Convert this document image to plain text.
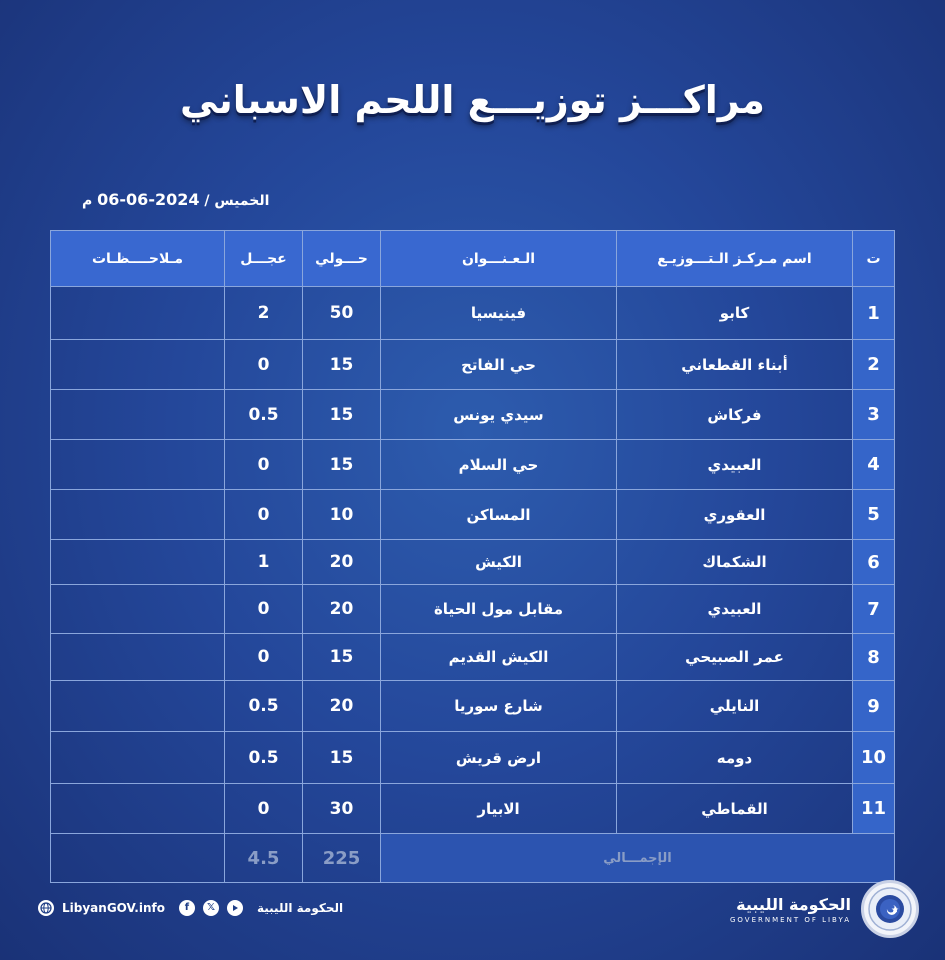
مراكـــز توزيـــع اللحم الاسباني
الخميس / 2024-06-06 م
ت	اسم مـركـز الـتـــوزيـع	الـعـنـــوان	حـــولي	عجـــل	مـلاحــــظـات
1	كابو	فينيسيا	50	2	
2	أبناء القطعاني	حي الفاتح	15	0	
3	فركاش	سيدي يونس	15	0.5	
4	العبيدي	حي السلام	15	0	
5	العقوري	المساكن	10	0	
6	الشكماك	الكيش	20	1	
7	العبيدي	مقابل مول الحياة	20	0	
8	عمر الصبيحي	الكيش القديم	15	0	
9	النايلي	شارع سوريا	20	0.5	
10	دومه	ارض قريش	15	0.5	
11	القماطي	الابيار	30	0	
الإجمـــالي			225	4.5	
LibyanGOV.info	f	𝕏	الحكومة الليبية	الحكومة الليبية
GOVERNMENT OF LIBYA
